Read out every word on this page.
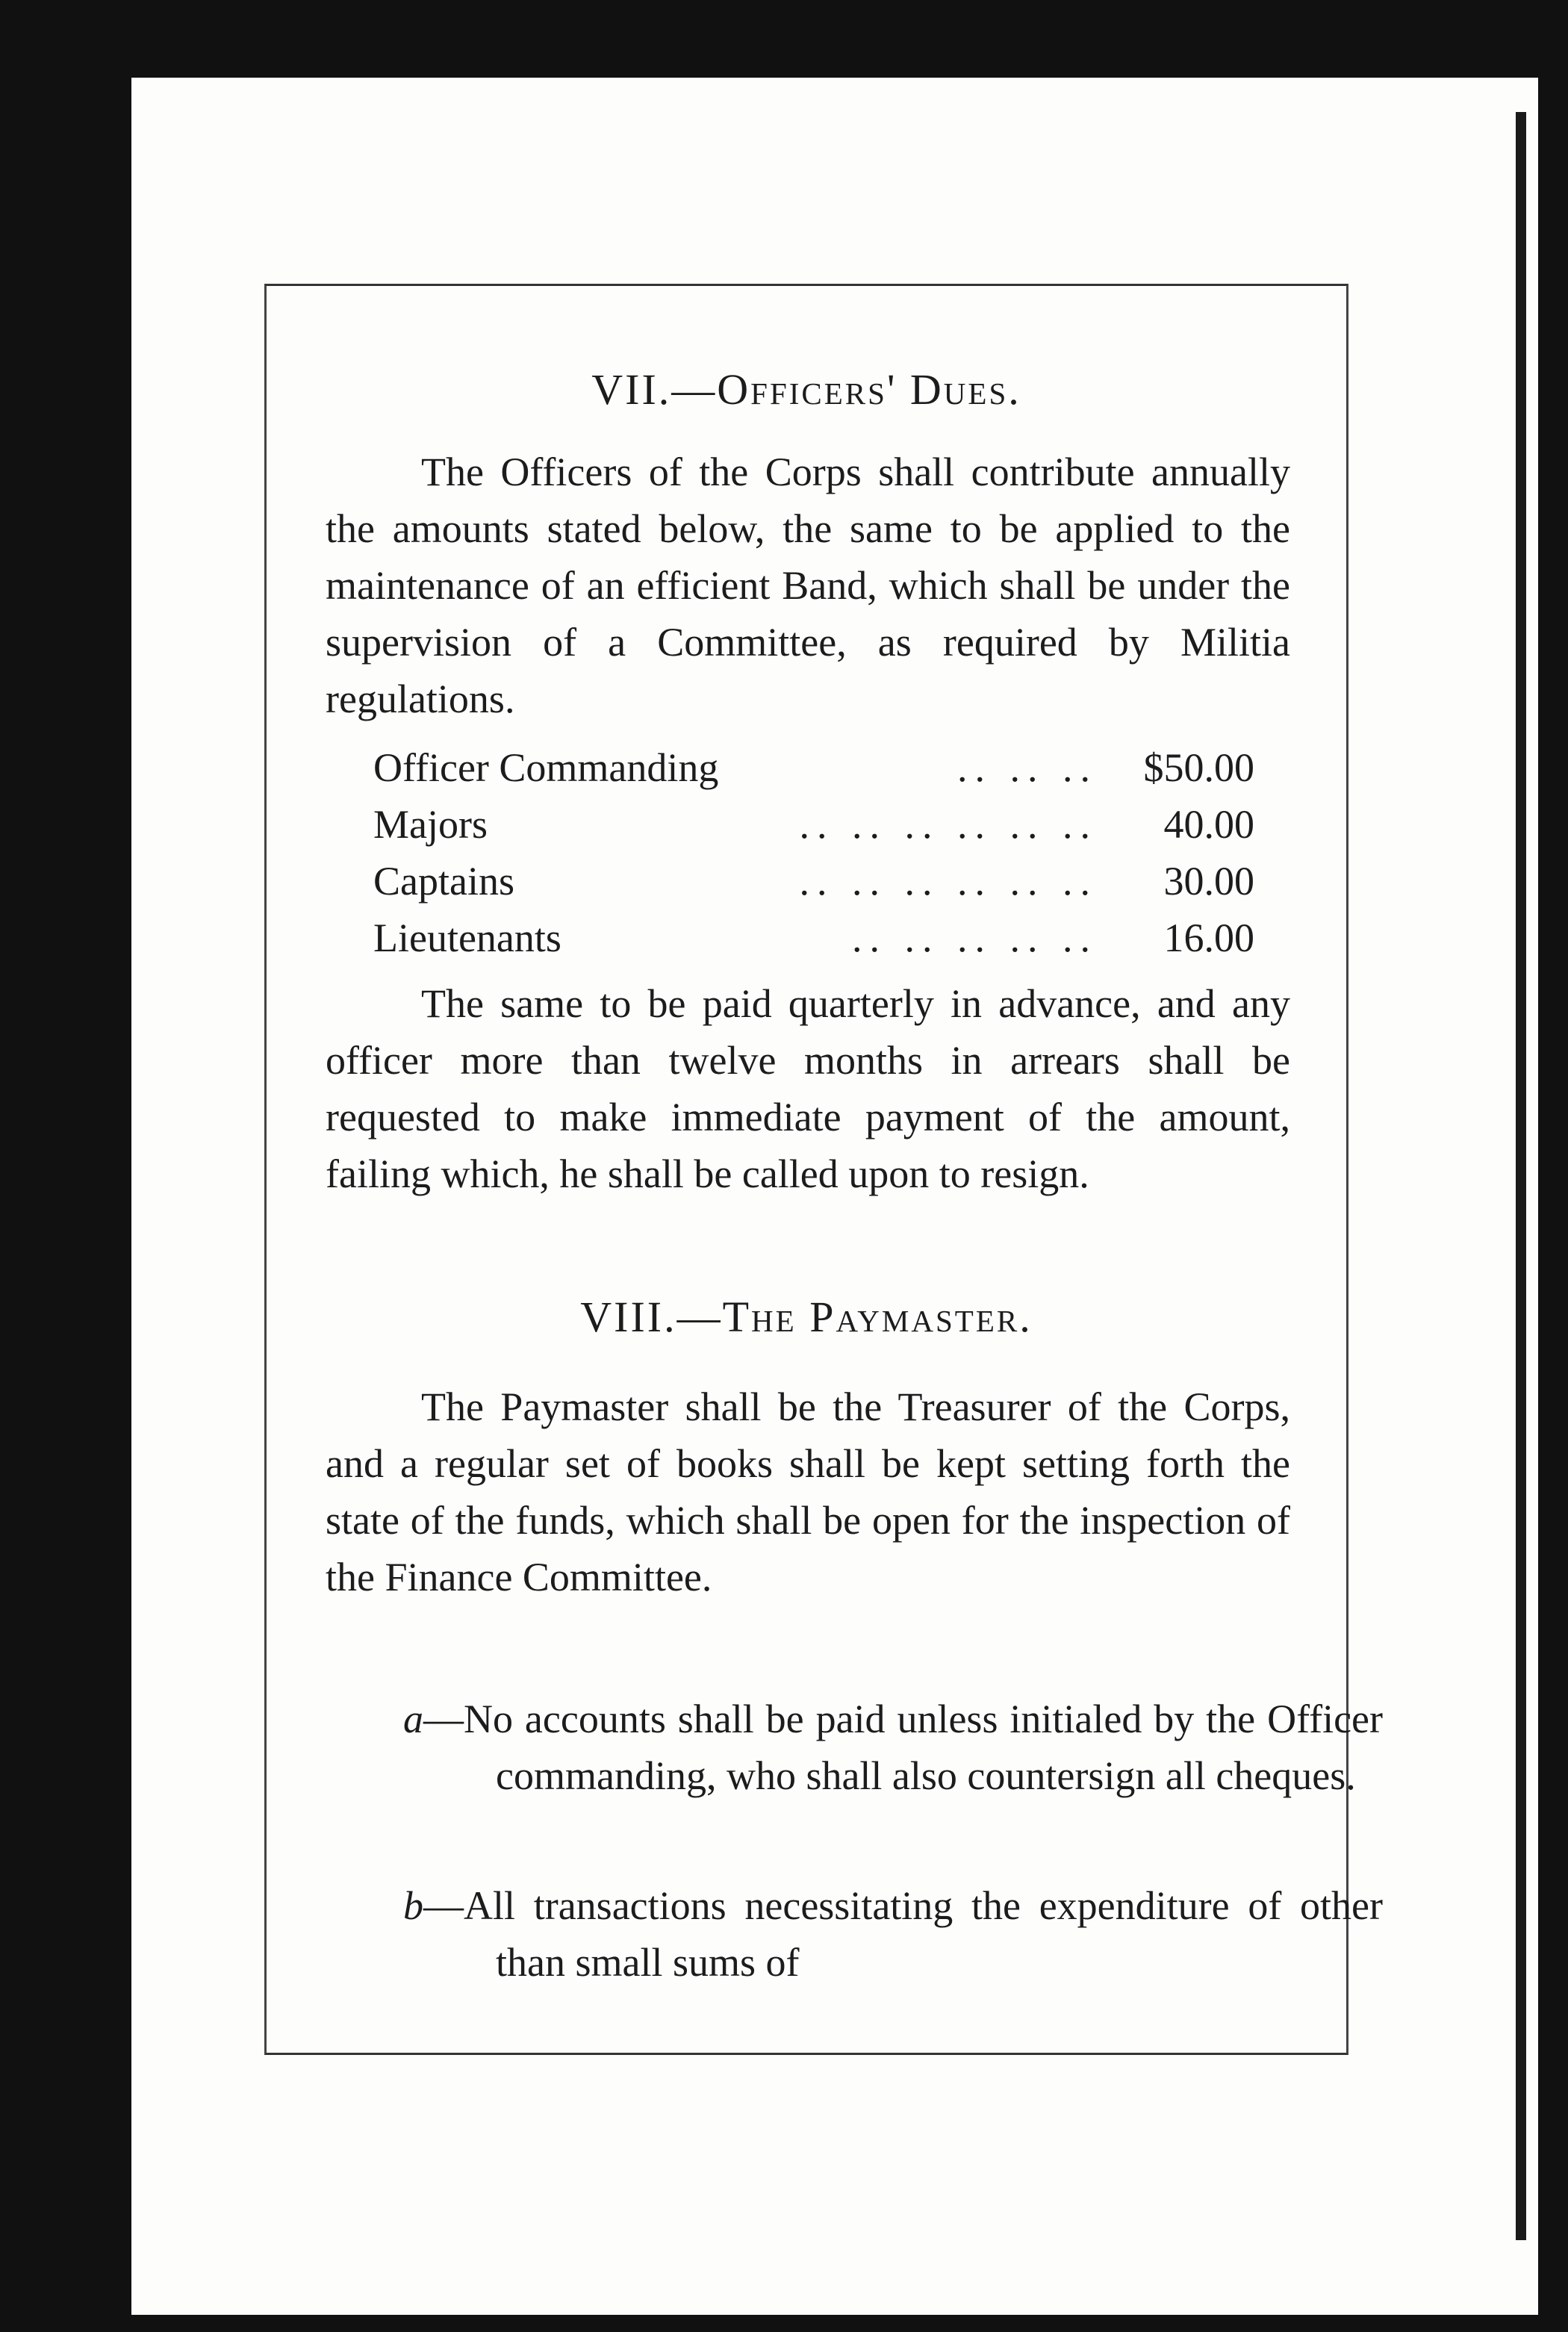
VII.—Officers' Dues.
The Officers of the Corps shall contribute annually the amounts stated below, the same to be applied to the maintenance of an efficient Band, which shall be under the supervision of a Committee, as required by Militia regulations.
Officer Commanding	.. .. ..	$50.00
Majors	.. .. .. .. .. ..	40.00
Captains	.. .. .. .. .. ..	30.00
Lieutenants	.. .. .. .. ..	16.00
The same to be paid quarterly in advance, and any officer more than twelve months in arrears shall be requested to make immediate payment of the amount, failing which, he shall be called upon to resign.
VIII.—The Paymaster.
The Paymaster shall be the Treasurer of the Corps, and a regular set of books shall be kept setting forth the state of the funds, which shall be open for the inspection of the Finance Committee.
a—No accounts shall be paid unless initialed by the Officer commanding, who shall also countersign all cheques.
b—All transactions necessitating the expenditure of other than small sums of
